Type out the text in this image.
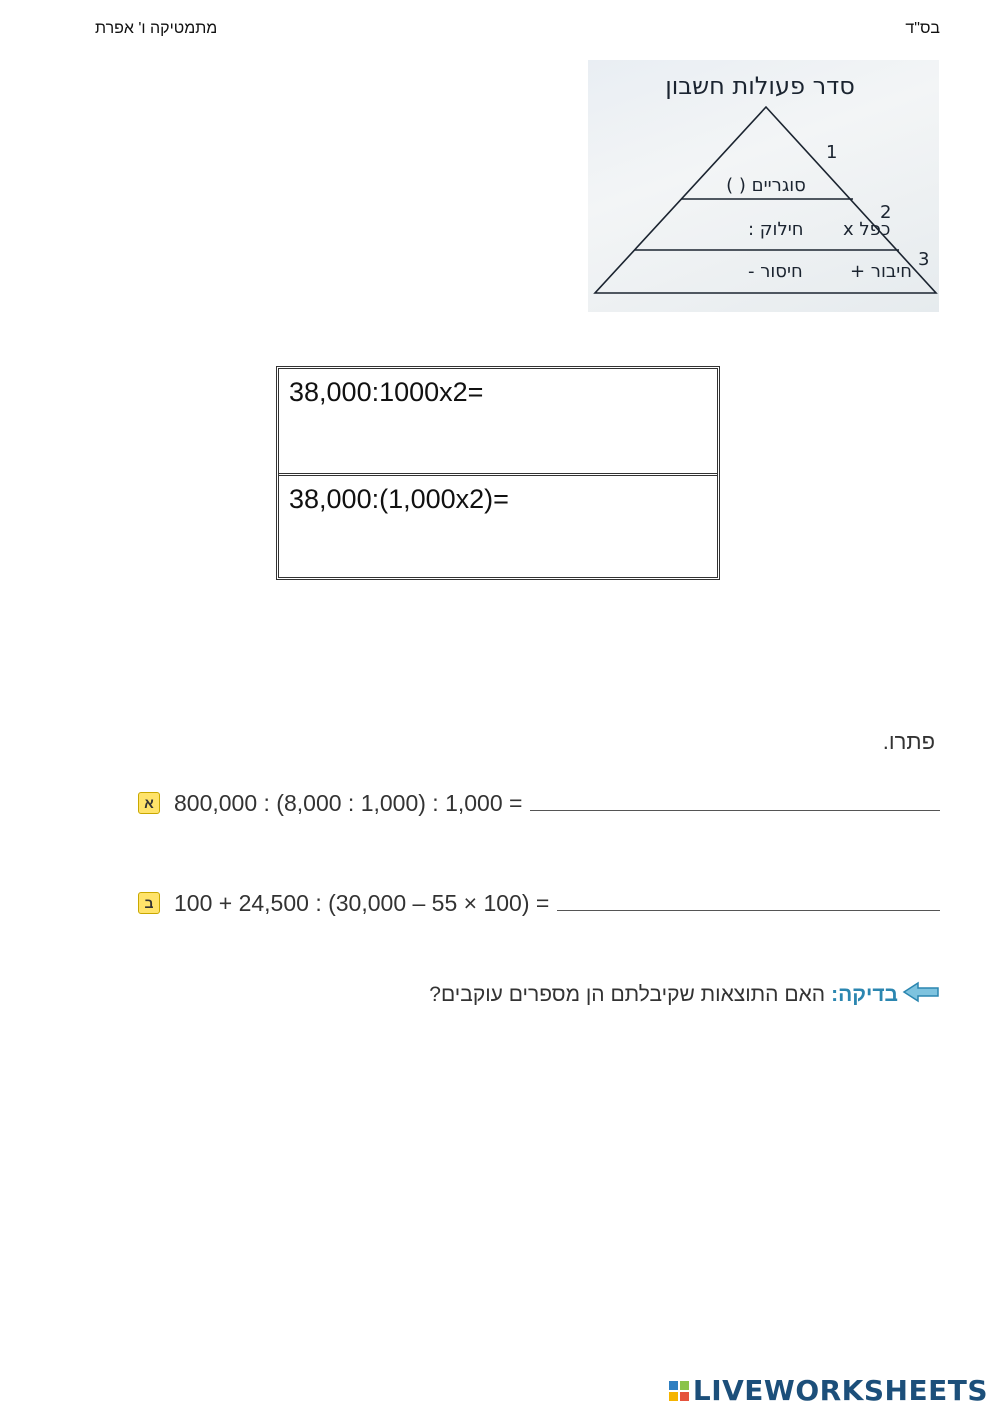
בס"ד
מתמטיקה ו' אפרת
סדר פעולות חשבון
1
סוגריים ( )
2
כפל x
חילוק :
3
חיבור +
חיסור -
38,000:1000x2=
38,000:(1,000x2)=
פתרו.
א 800,000 : (8,000 : 1,000) : 1,000 =
ב 100 + 24,500 : (30,000 – 55 × 100) =
בדיקה:
האם התוצאות שקיבלתם הן מספרים עוקבים?
LIVEWORKSHEETS
